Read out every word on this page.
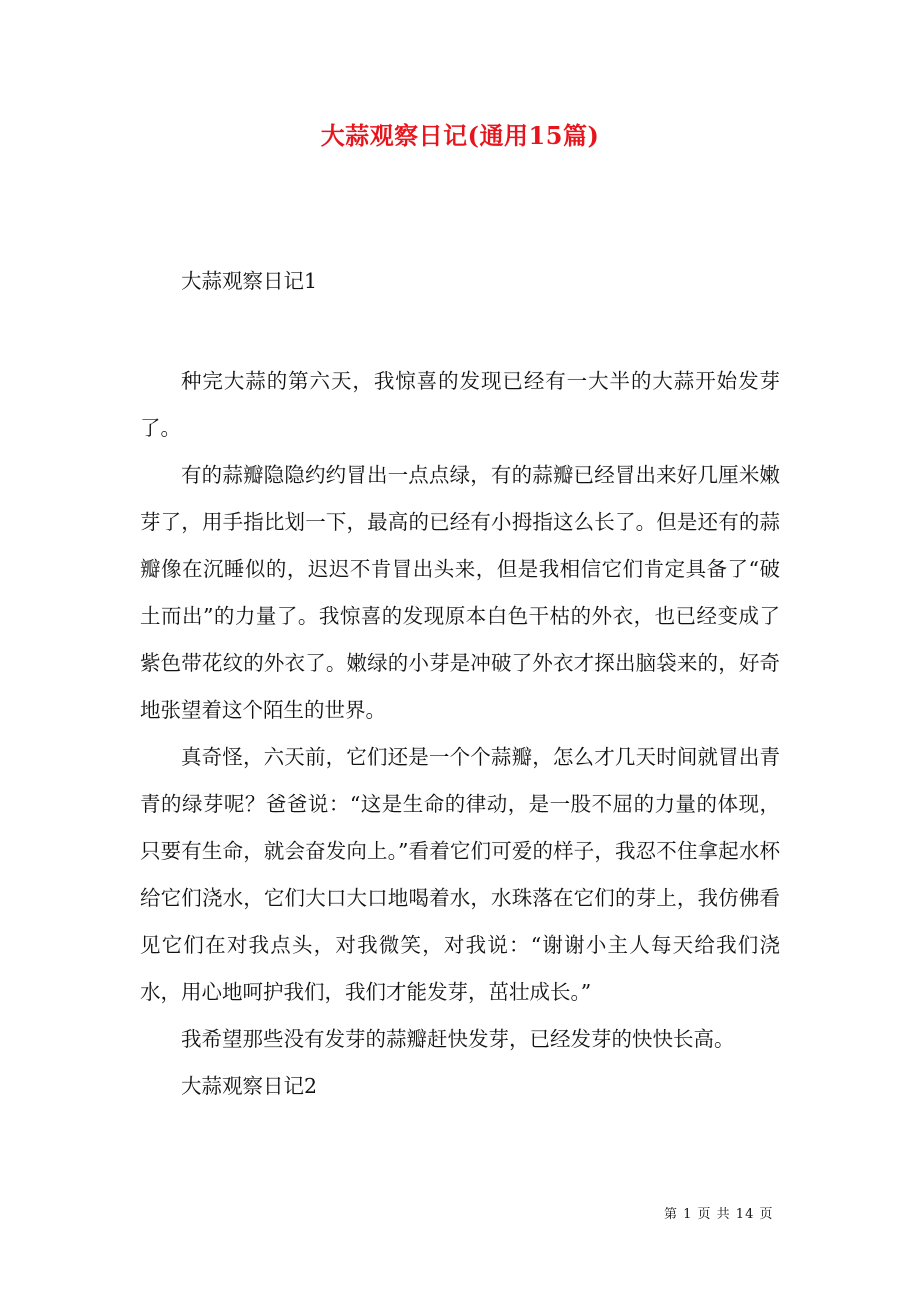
大蒜观察日记(通用15篇)

大蒜观察日记1

种完大蒜的第六天，我惊喜的发现已经有一大半的大蒜开始发芽了。

有的蒜瓣隐隐约约冒出一点点绿，有的蒜瓣已经冒出来好几厘米嫩芽了，用手指比划一下，最高的已经有小拇指这么长了。但是还有的蒜瓣像在沉睡似的，迟迟不肯冒出头来，但是我相信它们肯定具备了“破土而出”的力量了。我惊喜的发现原本白色干枯的外衣，也已经变成了紫色带花纹的外衣了。嫩绿的小芽是冲破了外衣才探出脑袋来的，好奇地张望着这个陌生的世界。

真奇怪，六天前，它们还是一个个蒜瓣，怎么才几天时间就冒出青青的绿芽呢？爸爸说：“这是生命的律动，是一股不屈的力量的体现，只要有生命，就会奋发向上。”看着它们可爱的样子，我忍不住拿起水杯给它们浇水，它们大口大口地喝着水，水珠落在它们的芽上，我仿佛看见它们在对我点头，对我微笑，对我说：“谢谢小主人每天给我们浇水，用心地呵护我们，我们才能发芽，茁壮成长。”

我希望那些没有发芽的蒜瓣赶快发芽，已经发芽的快快长高。

大蒜观察日记2

第 1 页 共 14 页
